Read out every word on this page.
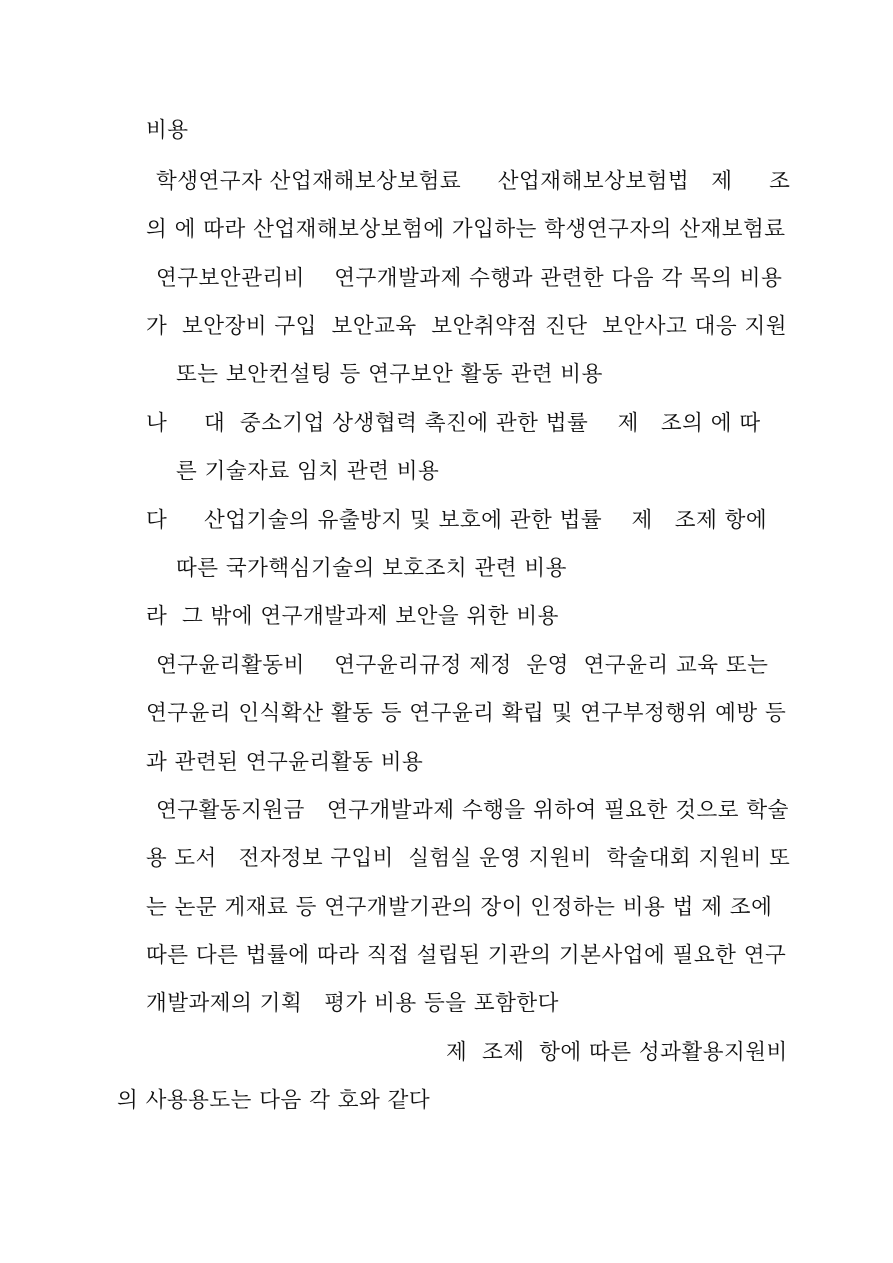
비용
학생연구자 산업재해보상보험료     산업재해보상보험법   제     조
의 에 따라 산업재해보상보험에 가입하는 학생연구자의 산재보험료
연구보안관리비    연구개발과제 수행과 관련한 다음 각 목의 비용
가  보안장비 구입  보안교육  보안취약점 진단  보안사고 대응 지원
또는 보안컨설팅 등 연구보안 활동 관련 비용
나     대  중소기업 상생협력 촉진에 관한 법률    제   조의 에 따
른 기술자료 임치 관련 비용
다     산업기술의 유출방지 및 보호에 관한 법률    제   조제 항에
따른 국가핵심기술의 보호조치 관련 비용
라  그 밖에 연구개발과제 보안을 위한 비용
연구윤리활동비    연구윤리규정 제정  운영  연구윤리 교육 또는
연구윤리 인식확산 활동 등 연구윤리 확립 및 연구부정행위 예방 등
과 관련된 연구윤리활동 비용
연구활동지원금   연구개발과제 수행을 위하여 필요한 것으로 학술
용 도서   전자정보 구입비  실험실 운영 지원비  학술대회 지원비 또
는 논문 게재료 등 연구개발기관의 장이 인정하는 비용 법 제 조에
따른 다른 법률에 따라 직접 설립된 기관의 기본사업에 필요한 연구
개발과제의 기획   평가 비용 등을 포함한다
제  조제  항에 따른 성과활용지원비
의 사용용도는 다음 각 호와 같다
